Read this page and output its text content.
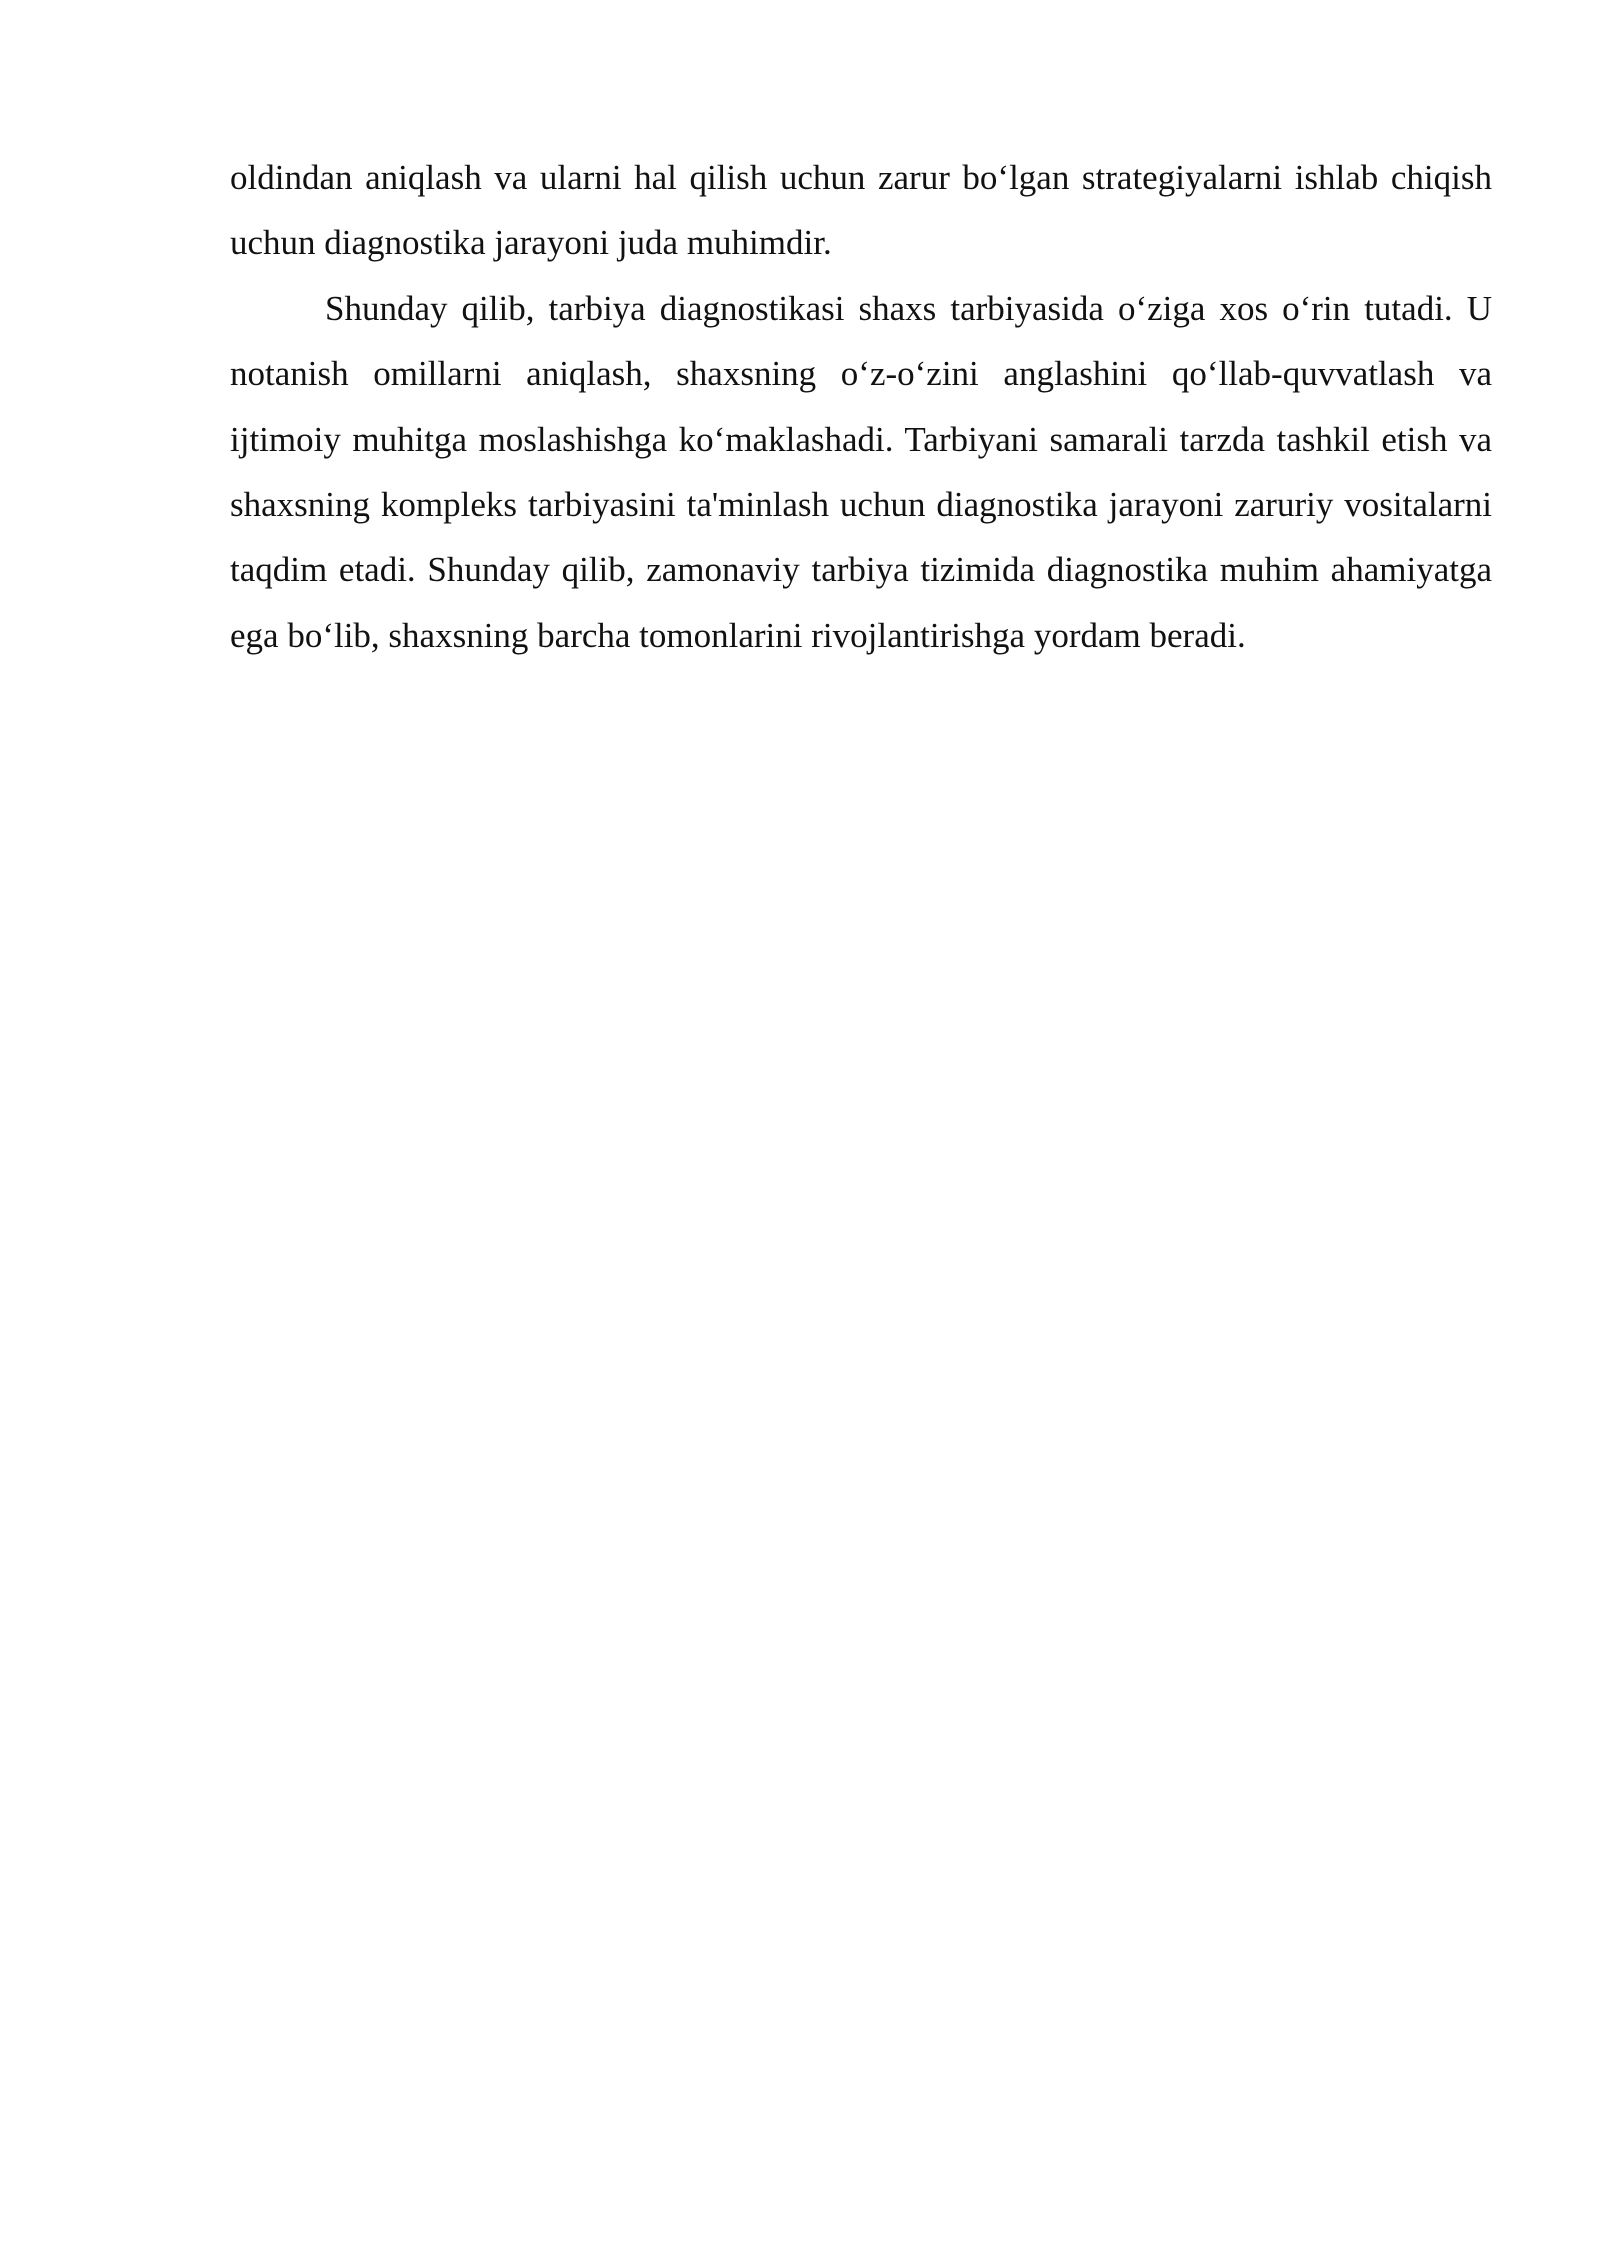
oldindan aniqlash va ularni hal qilish uchun zarur bo‘lgan strategiyalarni ishlab chiqish uchun diagnostika jarayoni juda muhimdir.

Shunday qilib, tarbiya diagnostikasi shaxs tarbiyasida o‘ziga xos o‘rin tutadi. U notanish omillarni aniqlash, shaxsning o‘z-o‘zini anglashini qo‘llab-quvvatlash va ijtimoiy muhitga moslashishga ko‘maklashadi. Tarbiyani samarali tarzda tashkil etish va shaxsning kompleks tarbiyasini ta'minlash uchun diagnostika jarayoni zaruriy vositalarni taqdim etadi. Shunday qilib, zamonaviy tarbiya tizimida diagnostika muhim ahamiyatga ega bo‘lib, shaxsning barcha tomonlarini rivojlantirishga yordam beradi.
